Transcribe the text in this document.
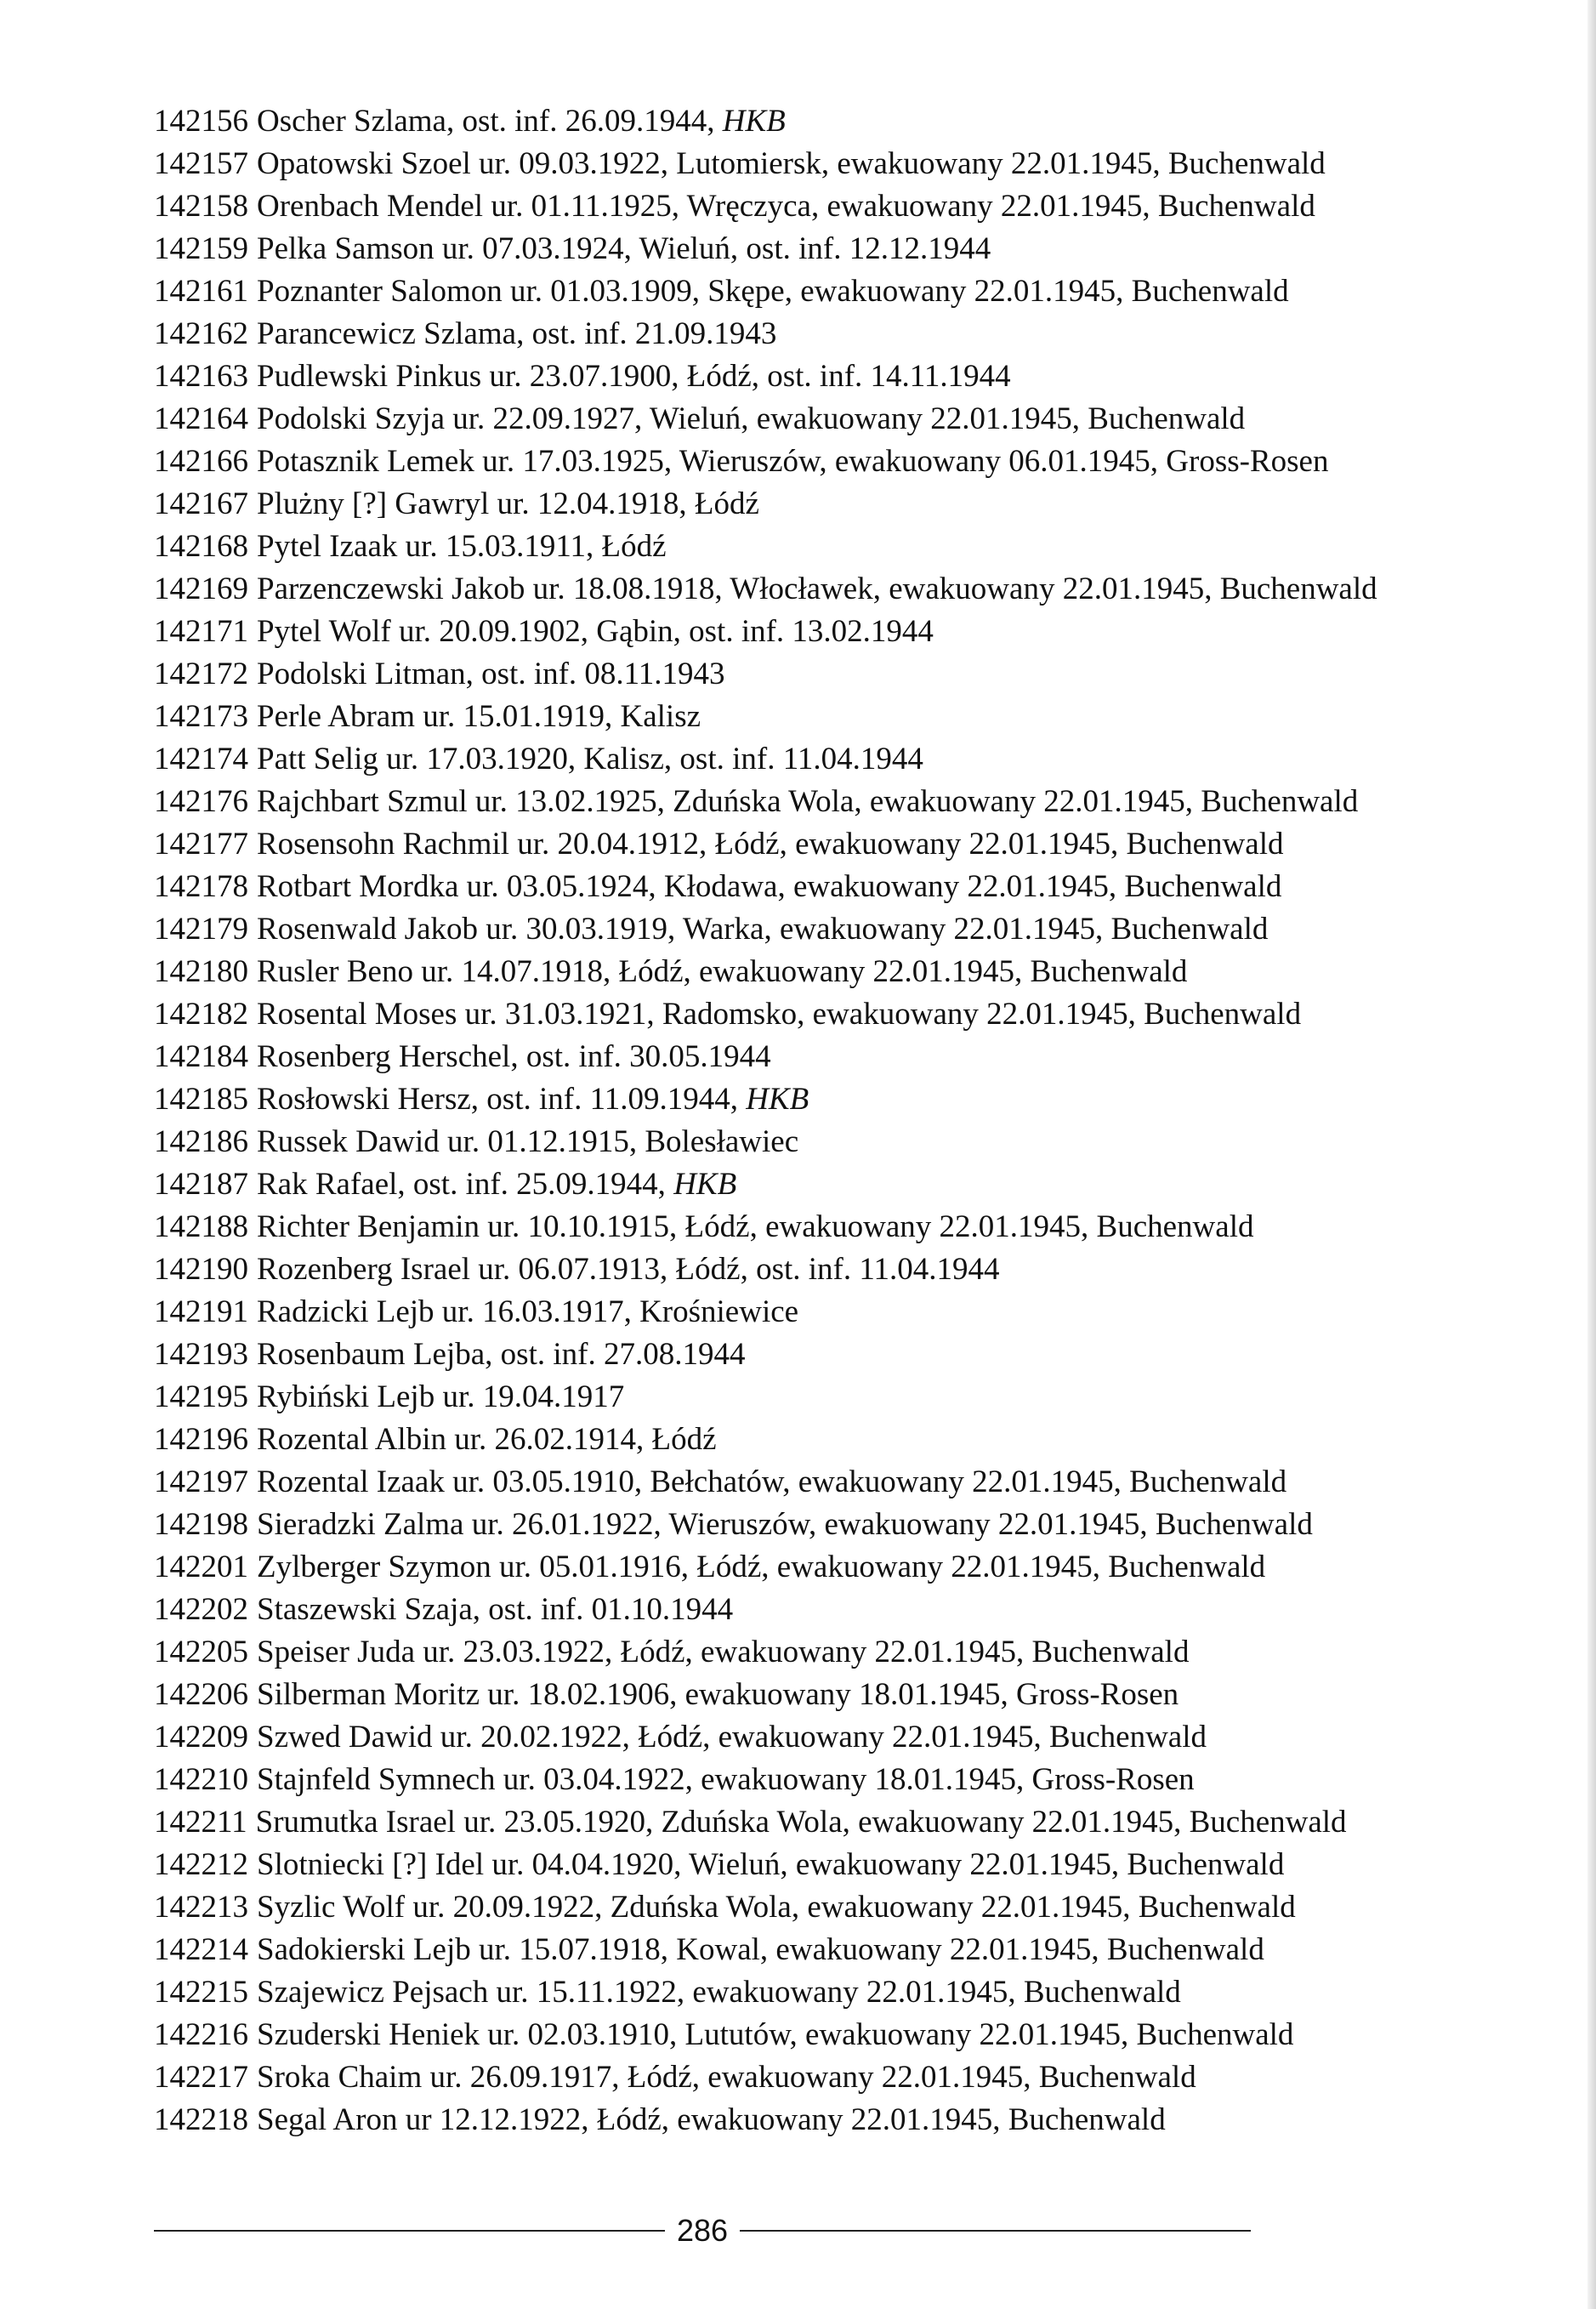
142156 Oscher Szlama, ost. inf. 26.09.1944, HKB
142157 Opatowski Szoel ur. 09.03.1922, Lutomiersk, ewakuowany 22.01.1945, Buchenwald
142158 Orenbach Mendel ur. 01.11.1925, Wręczyca, ewakuowany 22.01.1945, Buchenwald
142159 Pelka Samson ur. 07.03.1924, Wieluń, ost. inf. 12.12.1944
142161 Poznanter Salomon ur. 01.03.1909, Skępe, ewakuowany 22.01.1945, Buchenwald
142162 Parancewicz Szlama, ost. inf. 21.09.1943
142163 Pudlewski Pinkus ur. 23.07.1900, Łódź, ost. inf. 14.11.1944
142164 Podolski Szyja ur. 22.09.1927, Wieluń, ewakuowany 22.01.1945, Buchenwald
142166 Potasznik Lemek ur. 17.03.1925, Wieruszów, ewakuowany 06.01.1945, Gross-Rosen
142167 Plużny [?] Gawryl ur. 12.04.1918, Łódź
142168 Pytel Izaak ur. 15.03.1911, Łódź
142169 Parzenczewski Jakob ur. 18.08.1918, Włocławek, ewakuowany 22.01.1945, Buchenwald
142171 Pytel Wolf ur. 20.09.1902, Gąbin, ost. inf. 13.02.1944
142172 Podolski Litman, ost. inf. 08.11.1943
142173 Perle Abram ur. 15.01.1919, Kalisz
142174 Patt Selig ur. 17.03.1920, Kalisz, ost. inf. 11.04.1944
142176 Rajchbart Szmul ur. 13.02.1925, Zduńska Wola, ewakuowany 22.01.1945, Buchenwald
142177 Rosensohn Rachmil ur. 20.04.1912, Łódź, ewakuowany 22.01.1945, Buchenwald
142178 Rotbart Mordka ur. 03.05.1924, Kłodawa, ewakuowany 22.01.1945, Buchenwald
142179 Rosenwald Jakob ur. 30.03.1919, Warka, ewakuowany 22.01.1945, Buchenwald
142180 Rusler Beno ur. 14.07.1918, Łódź, ewakuowany 22.01.1945, Buchenwald
142182 Rosental Moses ur. 31.03.1921, Radomsko, ewakuowany 22.01.1945, Buchenwald
142184 Rosenberg Herschel, ost. inf. 30.05.1944
142185 Rosłowski Hersz, ost. inf. 11.09.1944, HKB
142186 Russek Dawid ur. 01.12.1915, Bolesławiec
142187 Rak Rafael, ost. inf. 25.09.1944, HKB
142188 Richter Benjamin ur. 10.10.1915, Łódź, ewakuowany 22.01.1945, Buchenwald
142190 Rozenberg Israel ur. 06.07.1913, Łódź, ost. inf. 11.04.1944
142191 Radzicki Lejb ur. 16.03.1917, Krośniewice
142193 Rosenbaum Lejba, ost. inf. 27.08.1944
142195 Rybiński Lejb ur. 19.04.1917
142196 Rozental Albin ur. 26.02.1914, Łódź
142197 Rozental Izaak ur. 03.05.1910, Bełchatów, ewakuowany 22.01.1945, Buchenwald
142198 Sieradzki Zalma ur. 26.01.1922, Wieruszów, ewakuowany 22.01.1945, Buchenwald
142201 Zylberger Szymon ur. 05.01.1916, Łódź, ewakuowany 22.01.1945, Buchenwald
142202 Staszewski Szaja, ost. inf. 01.10.1944
142205 Speiser Juda ur. 23.03.1922, Łódź, ewakuowany 22.01.1945, Buchenwald
142206 Silberman Moritz ur. 18.02.1906, ewakuowany 18.01.1945, Gross-Rosen
142209 Szwed Dawid ur. 20.02.1922, Łódź, ewakuowany 22.01.1945, Buchenwald
142210 Stajnfeld Symnech ur. 03.04.1922, ewakuowany 18.01.1945, Gross-Rosen
142211 Srumutka Israel ur. 23.05.1920, Zduńska Wola, ewakuowany 22.01.1945, Buchenwald
142212 Slotniecki [?] Idel ur. 04.04.1920, Wieluń, ewakuowany 22.01.1945, Buchenwald
142213 Syzlic Wolf ur. 20.09.1922, Zduńska Wola, ewakuowany 22.01.1945, Buchenwald
142214 Sadokierski Lejb ur. 15.07.1918, Kowal, ewakuowany 22.01.1945, Buchenwald
142215 Szajewicz Pejsach ur. 15.11.1922, ewakuowany 22.01.1945, Buchenwald
142216 Szuderski Heniek ur. 02.03.1910, Lututów, ewakuowany 22.01.1945, Buchenwald
142217 Sroka Chaim ur. 26.09.1917, Łódź, ewakuowany 22.01.1945, Buchenwald
142218 Segal Aron ur 12.12.1922, Łódź, ewakuowany 22.01.1945, Buchenwald
286
